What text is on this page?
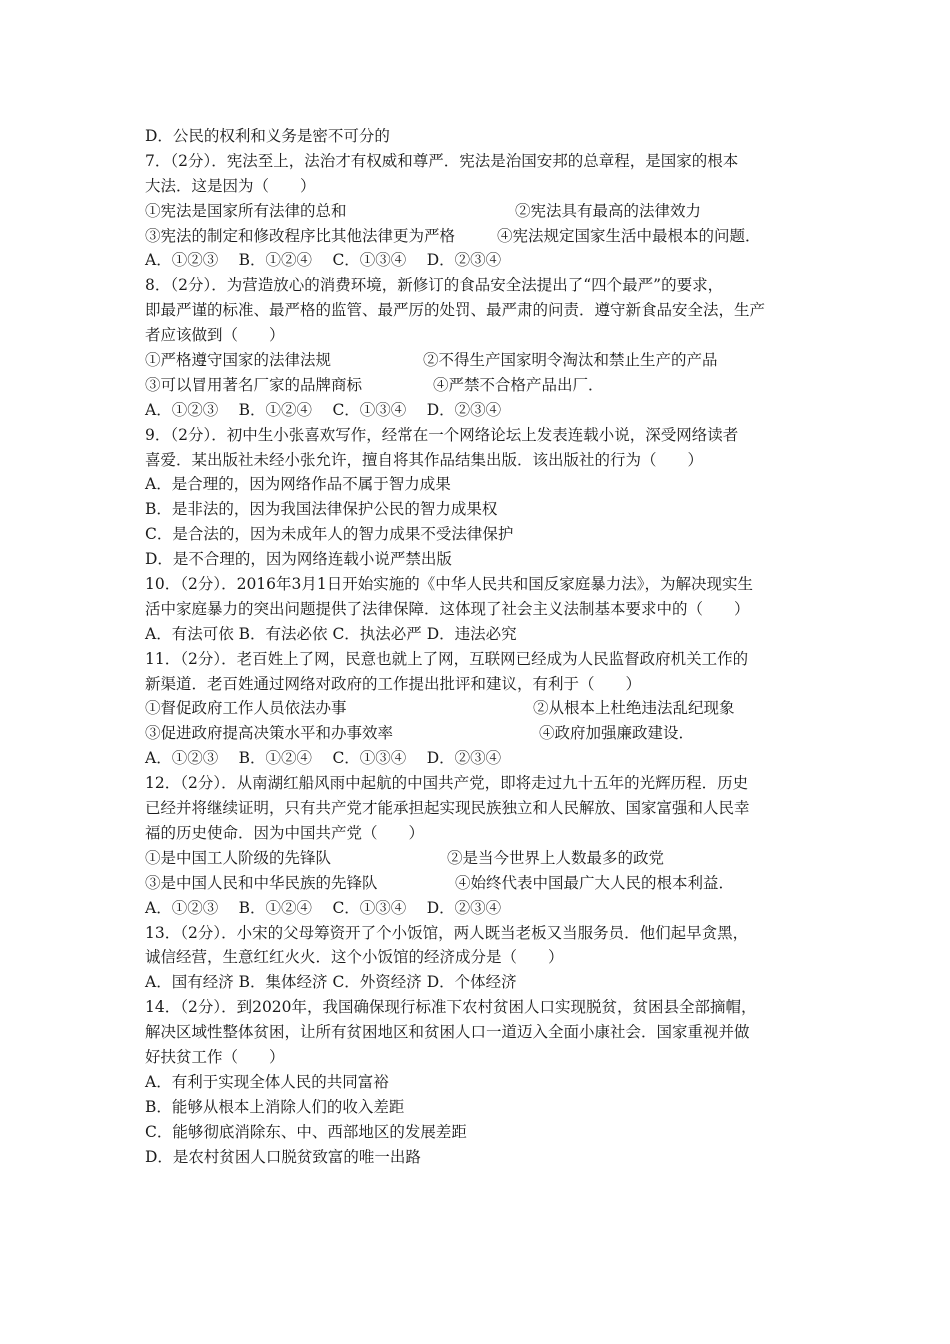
D．公民的权利和义务是密不可分的
7．（2分）．宪法至上，法治才有权威和尊严．宪法是治国安邦的总章程，是国家的根本
大法．这是因为（　　）
①宪法是国家所有法律的总和	②宪法具有最高的法律效力
③宪法的制定和修改程序比其他法律更为严格	④宪法规定国家生活中最根本的问题．
A．①②③　 B．①②④　 C．①③④　 D．②③④
8．（2分）．为营造放心的消费环境，新修订的食品安全法提出了“四个最严”的要求，
即最严谨的标准、最严格的监管、最严厉的处罚、最严肃的问责．遵守新食品安全法，生产
者应该做到（　　）
①严格遵守国家的法律法规	②不得生产国家明令淘汰和禁止生产的产品
③可以冒用著名厂家的品牌商标	④严禁不合格产品出厂．
A．①②③　 B．①②④　 C．①③④　 D．②③④
9．（2分）．初中生小张喜欢写作，经常在一个网络论坛上发表连载小说，深受网络读者
喜爱．某出版社未经小张允许，擅自将其作品结集出版．该出版社的行为（　　）
A．是合理的，因为网络作品不属于智力成果
B．是非法的，因为我国法律保护公民的智力成果权
C．是合法的，因为未成年人的智力成果不受法律保护
D．是不合理的，因为网络连载小说严禁出版
10．（2分）．2016年3月1日开始实施的《中华人民共和国反家庭暴力法》，为解决现实生
活中家庭暴力的突出问题提供了法律保障．这体现了社会主义法制基本要求中的（　　）
A．有法可依 B．有法必依 C．执法必严 D．违法必究
11．（2分）．老百姓上了网，民意也就上了网，互联网已经成为人民监督政府机关工作的
新渠道．老百姓通过网络对政府的工作提出批评和建议，有利于（　　）
①督促政府工作人员依法办事	②从根本上杜绝违法乱纪现象
③促进政府提高决策水平和办事效率	④政府加强廉政建设．
A．①②③　 B．①②④　 C．①③④　 D．②③④
12．（2分）．从南湖红船风雨中起航的中国共产党，即将走过九十五年的光辉历程．历史
已经并将继续证明，只有共产党才能承担起实现民族独立和人民解放、国家富强和人民幸
福的历史使命．因为中国共产党（　　）
①是中国工人阶级的先锋队	②是当今世界上人数最多的政党
③是中国人民和中华民族的先锋队	④始终代表中国最广大人民的根本利益．
A．①②③　 B．①②④　 C．①③④　 D．②③④
13．（2分）．小宋的父母筹资开了个小饭馆，两人既当老板又当服务员．他们起早贪黑，
诚信经营，生意红红火火．这个小饭馆的经济成分是（　　）
A．国有经济 B．集体经济 C．外资经济 D．个体经济
14．（2分）．到2020年，我国确保现行标准下农村贫困人口实现脱贫，贫困县全部摘帽，
解决区域性整体贫困，让所有贫困地区和贫困人口一道迈入全面小康社会．国家重视并做
好扶贫工作（　　）
A．有利于实现全体人民的共同富裕
B．能够从根本上消除人们的收入差距
C．能够彻底消除东、中、西部地区的发展差距
D．是农村贫困人口脱贫致富的唯一出路
